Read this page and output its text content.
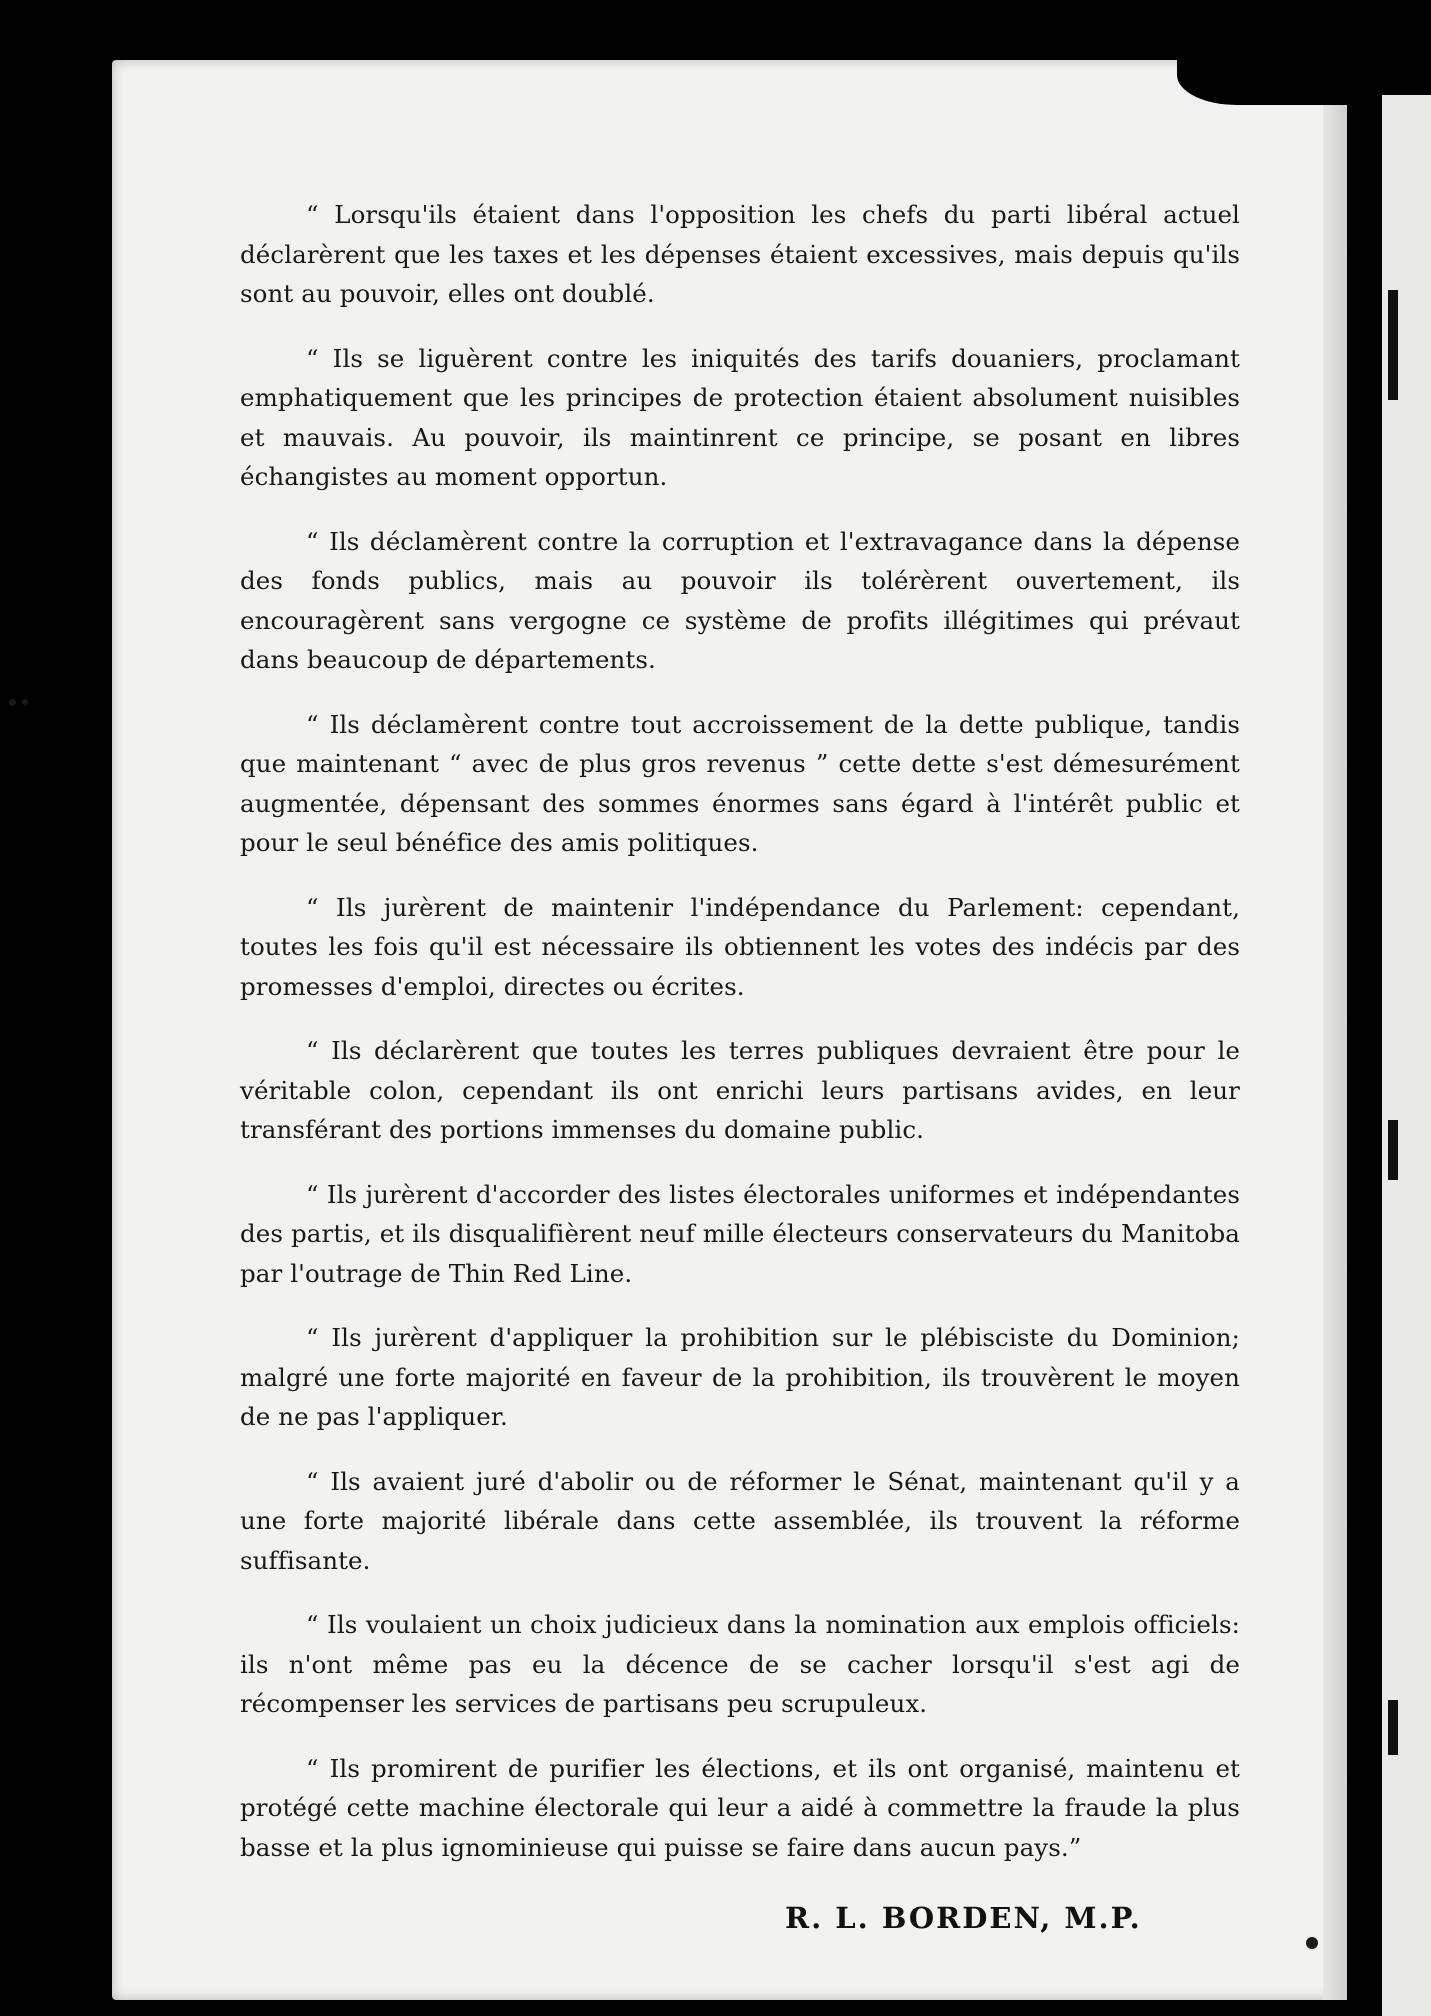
“ Lorsqu'ils étaient dans l'opposition les chefs du parti libéral actuel déclarèrent que les taxes et les dépenses étaient excessives, mais depuis qu'ils sont au pouvoir, elles ont doublé.

“ Ils se liguèrent contre les iniquités des tarifs douaniers, proclamant emphatiquement que les principes de protection étaient absolument nuisibles et mauvais. Au pouvoir, ils maintinrent ce principe, se posant en libres échangistes au moment opportun.

“ Ils déclamèrent contre la corruption et l'extravagance dans la dépense des fonds publics, mais au pouvoir ils tolérèrent ouvertement, ils encouragèrent sans vergogne ce système de profits illégitimes qui prévaut dans beaucoup de départements.

“ Ils déclamèrent contre tout accroissement de la dette publique, tandis que maintenant “ avec de plus gros revenus ” cette dette s'est démesurément augmentée, dépensant des sommes énormes sans égard à l'intérêt public et pour le seul bénéfice des amis politiques.

“ Ils jurèrent de maintenir l'indépendance du Parlement: cependant, toutes les fois qu'il est nécessaire ils obtiennent les votes des indécis par des promesses d'emploi, directes ou écrites.

“ Ils déclarèrent que toutes les terres publiques devraient être pour le véritable colon, cependant ils ont enrichi leurs partisans avides, en leur transférant des portions immenses du domaine public.

“ Ils jurèrent d'accorder des listes électorales uniformes et indépendantes des partis, et ils disqualifièrent neuf mille électeurs conservateurs du Manitoba par l'outrage de Thin Red Line.

“ Ils jurèrent d'appliquer la prohibition sur le plébisciste du Dominion; malgré une forte majorité en faveur de la prohibition, ils trouvèrent le moyen de ne pas l'appliquer.

“ Ils avaient juré d'abolir ou de réformer le Sénat, maintenant qu'il y a une forte majorité libérale dans cette assemblée, ils trouvent la réforme suffisante.

“ Ils voulaient un choix judicieux dans la nomination aux emplois officiels: ils n'ont même pas eu la décence de se cacher lorsqu'il s'est agi de récompenser les services de partisans peu scrupuleux.

“ Ils promirent de purifier les élections, et ils ont organisé, maintenu et protégé cette machine électorale qui leur a aidé à commettre la fraude la plus basse et la plus ignominieuse qui puisse se faire dans aucun pays.”

R. L. BORDEN, M.P.
